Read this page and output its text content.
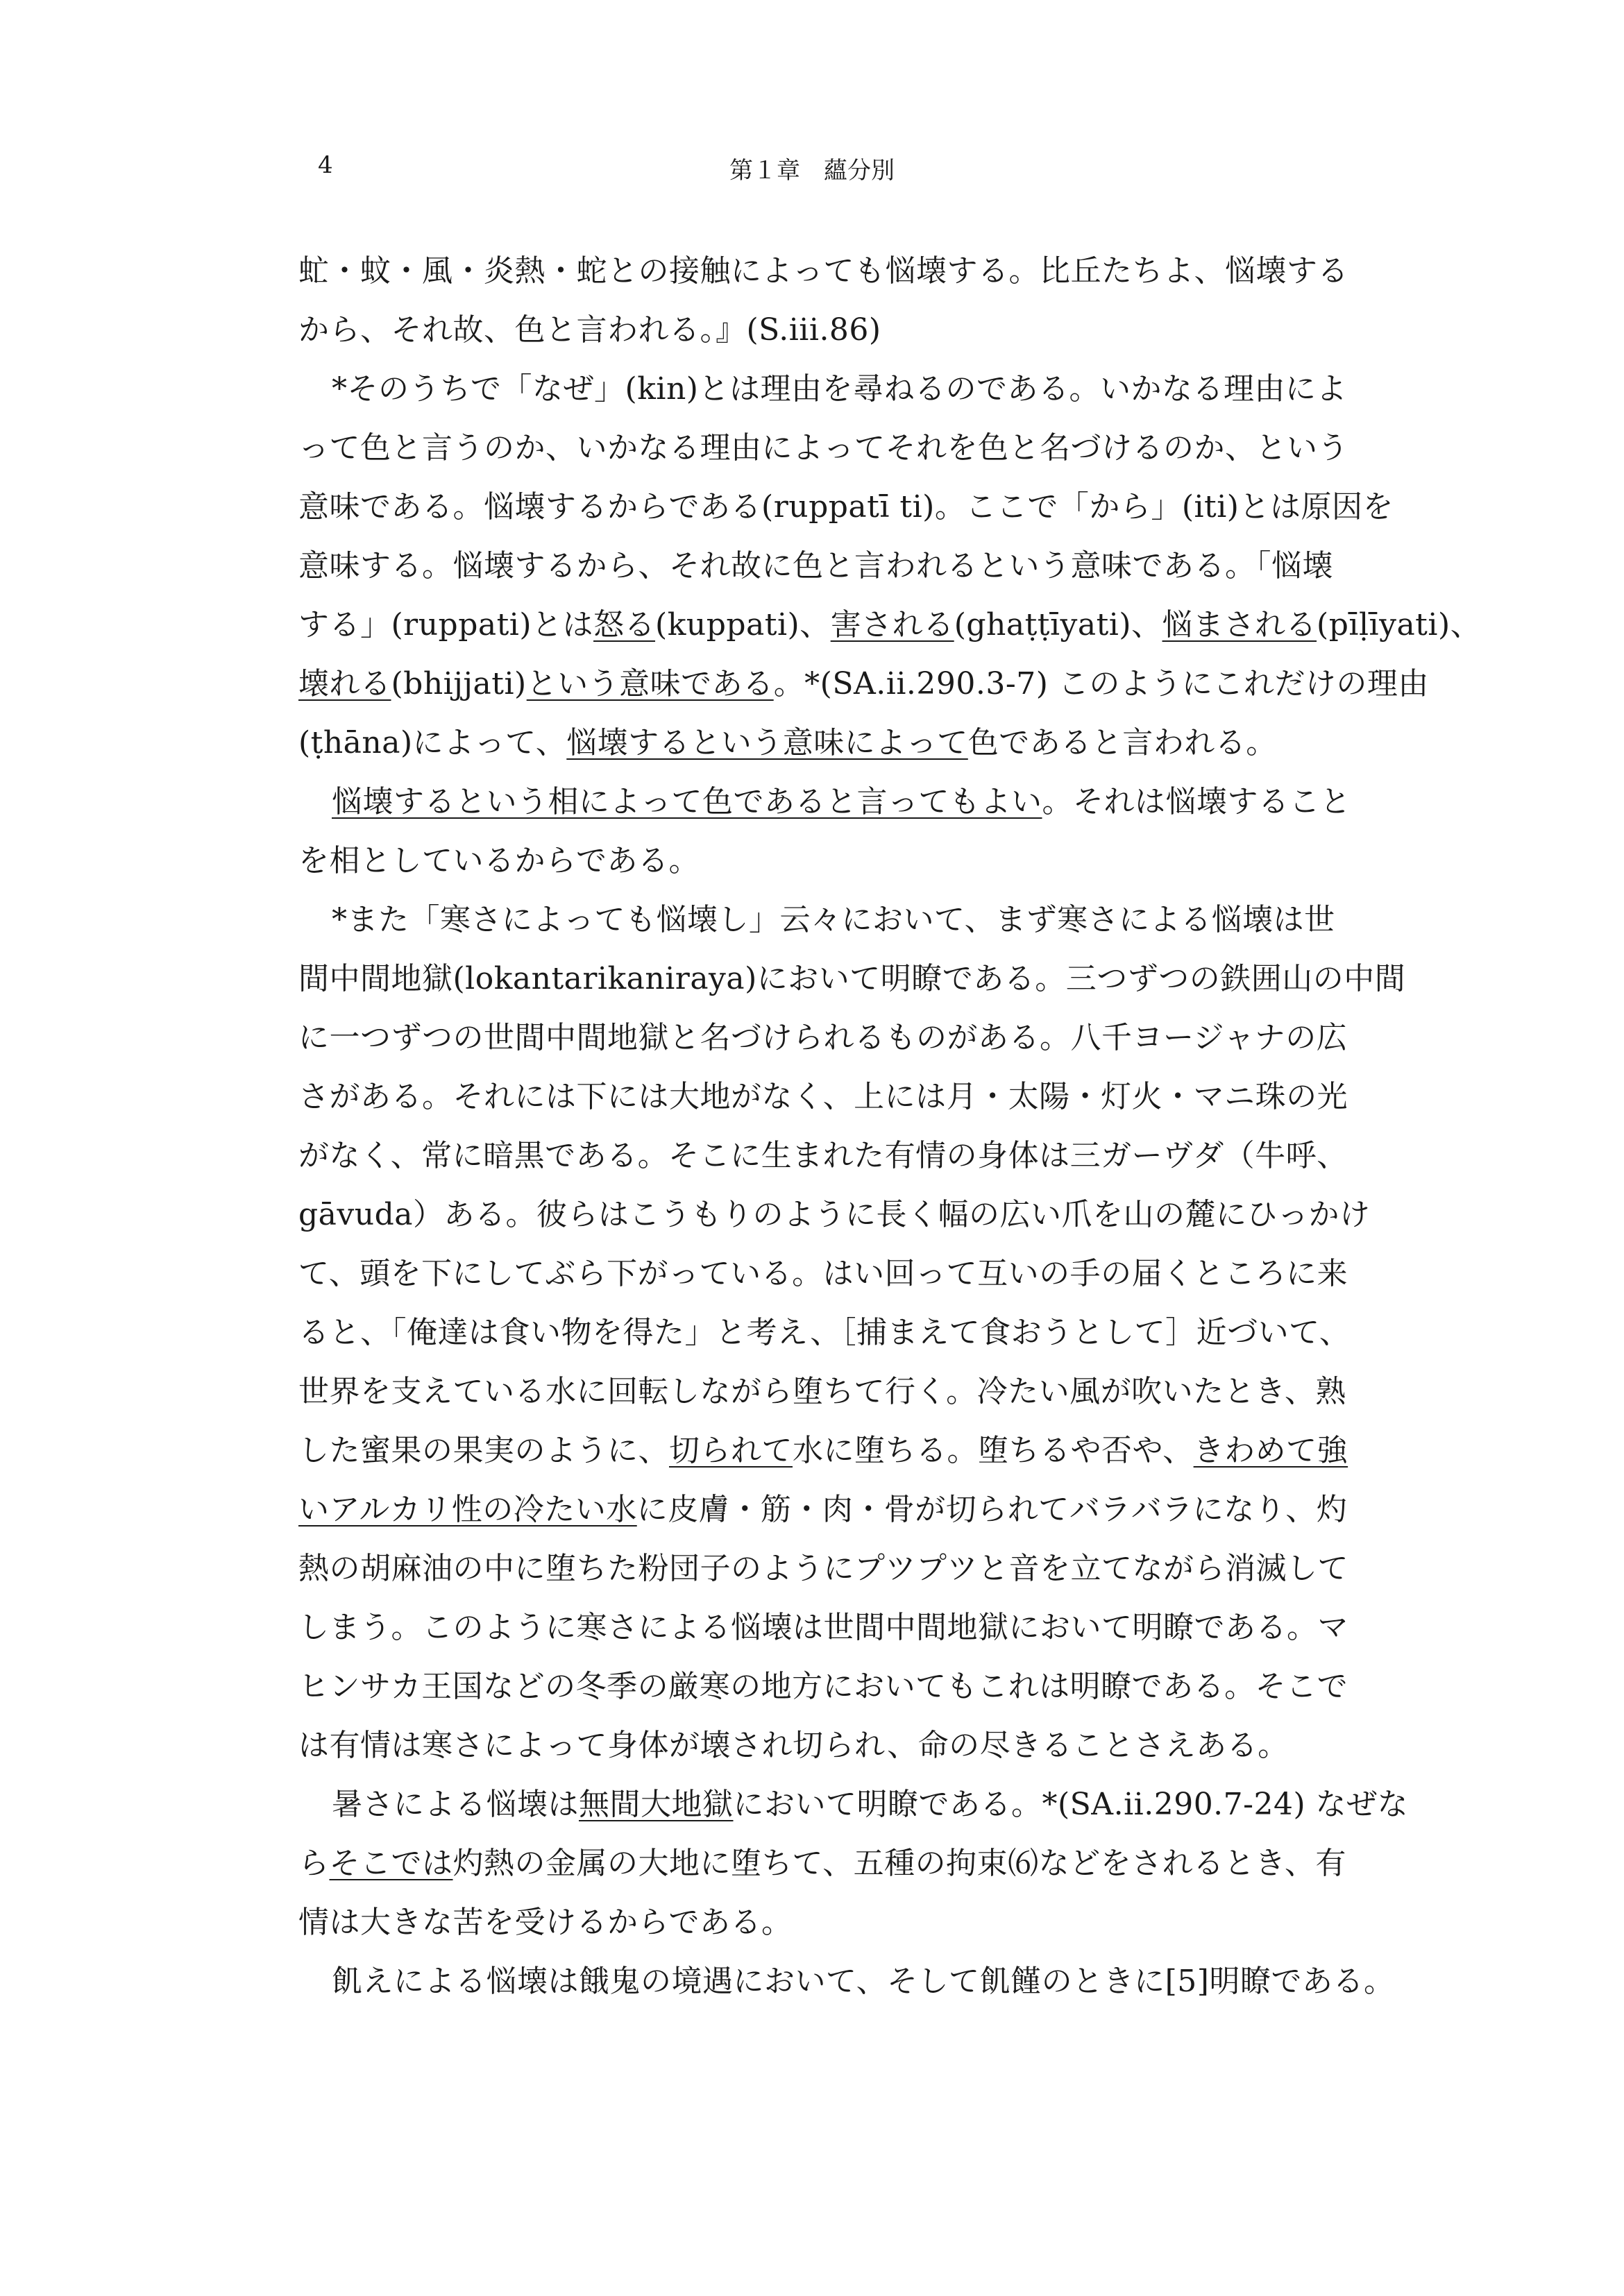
4	第１章　蘊分別
虻・蚊・風・炎熱・蛇との接触によっても悩壊する。比丘たちよ、悩壊する
から、それ故、色と言われる。』(S.iii.86)
*そのうちで「なぜ」(kin)とは理由を尋ねるのである。いかなる理由によ
って色と言うのか、いかなる理由によってそれを色と名づけるのか、という
意味である。悩壊するからである(ruppatī ti)。ここで「から」(iti)とは原因を
意味する。悩壊するから、それ故に色と言われるという意味である。「悩壊
する」(ruppati)とは怒る(kuppati)、害される(ghaṭṭīyati)、悩まされる(pīḷīyati)、
壊れる(bhijjati)という意味である。*(SA.ii.290.3-7) このようにこれだけの理由
(ṭhāna)によって、悩壊するという意味によって色であると言われる。
悩壊するという相によって色であると言ってもよい。それは悩壊すること
を相としているからである。
*また「寒さによっても悩壊し」云々において、まず寒さによる悩壊は世
間中間地獄(lokantarikaniraya)において明瞭である。三つずつの鉄囲山の中間
に一つずつの世間中間地獄と名づけられるものがある。八千ヨージャナの広
さがある。それには下には大地がなく、上には月・太陽・灯火・マニ珠の光
がなく、常に暗黒である。そこに生まれた有情の身体は三ガーヴダ（牛呼、
gāvuda）ある。彼らはこうもりのように長く幅の広い爪を山の麓にひっかけ
て、頭を下にしてぶら下がっている。はい回って互いの手の届くところに来
ると、「俺達は食い物を得た」と考え、［捕まえて食おうとして］近づいて、
世界を支えている水に回転しながら堕ちて行く。冷たい風が吹いたとき、熟
した蜜果の果実のように、切られて水に堕ちる。堕ちるや否や、きわめて強
いアルカリ性の冷たい水に皮膚・筋・肉・骨が切られてバラバラになり、灼
熱の胡麻油の中に堕ちた粉団子のようにプツプツと音を立てながら消滅して
しまう。このように寒さによる悩壊は世間中間地獄において明瞭である。マ
ヒンサカ王国などの冬季の厳寒の地方においてもこれは明瞭である。そこで
は有情は寒さによって身体が壊され切られ、命の尽きることさえある。
暑さによる悩壊は無間大地獄において明瞭である。*(SA.ii.290.7-24) なぜな
らそこでは灼熱の金属の大地に堕ちて、五種の拘束⑹などをされるとき、有
情は大きな苦を受けるからである。
飢えによる悩壊は餓鬼の境遇において、そして飢饉のときに[5]明瞭である。
